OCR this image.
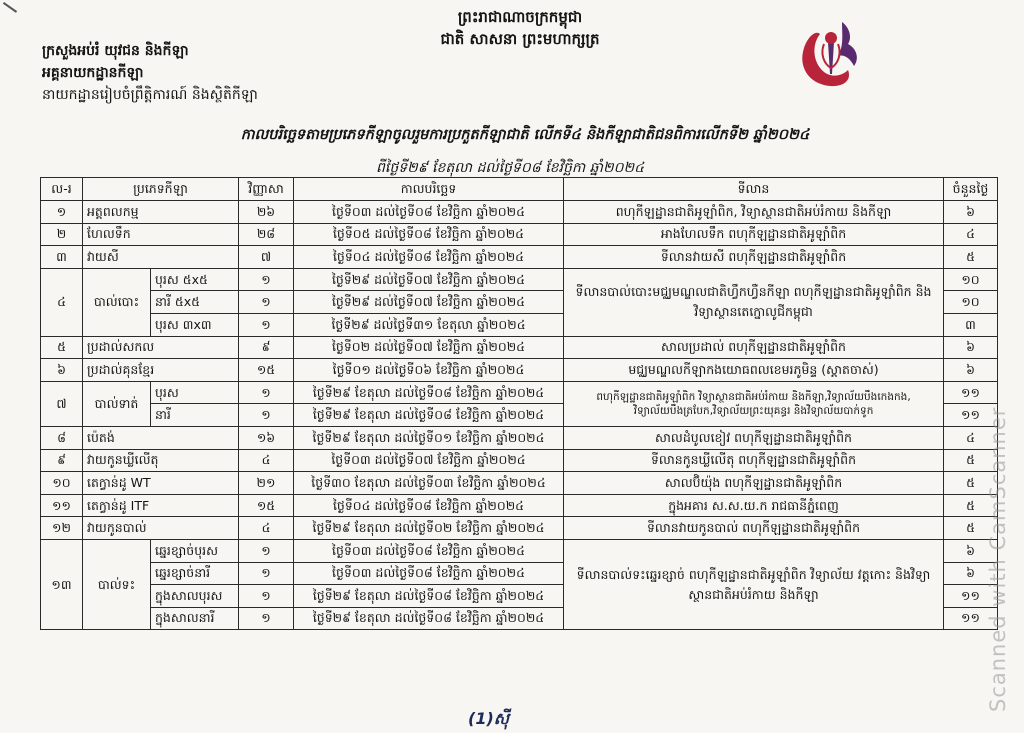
ក្រសួងអប់រំ យុវជន និងកីឡា
អគ្គនាយកដ្ឋានកីឡា
នាយកដ្ឋានរៀបចំព្រឹត្តិការណ៍ និងស្ថិតិកីឡា
ព្រះរាជាណាចក្រកម្ពុជា
ជាតិ សាសនា ព្រះមហាក្សត្រ
កាលបរិច្ឆេទតាមប្រភេទកីឡាចូលរួមការប្រកួតកីឡាជាតិ លើកទី៤ និងកីឡាជាតិជនពិការលើកទី២ ឆ្នាំ២០២៤
ពីថ្ងៃទី២៩ ខែតុលា ដល់ថ្ងៃទី០៨ ខែវិច្ឆិកា ឆ្នាំ២០២៤
ល-រ	ប្រភេទកីឡា		វិញ្ញាសា	កាលបរិច្ឆេទ	ទីលាន	ចំនួនថ្ងៃ
១	អត្តពលកម្ម		២៦	ថ្ងៃទី០៣ ដល់ថ្ងៃទី០៨ ខែវិច្ឆិកា ឆ្នាំ២០២៤	ពហុកីឡដ្ឋានជាតិអូឡាំពិក, វិទ្យាស្ថានជាតិអប់រំកាយ និងកីឡា	៦
២	ហែលទឹក		២៨	ថ្ងៃទី០៥ ដល់ថ្ងៃទី០៨ ខែវិច្ឆិកា ឆ្នាំ២០២៤	អាងហែលទឹក ពហុកីឡដ្ឋានជាតិអូឡាំពិក	៤
៣	វាយសី		៧	ថ្ងៃទី០៤ ដល់ថ្ងៃទី០៨ ខែវិច្ឆិកា ឆ្នាំ២០២៤	ទីលានវាយសី ពហុកីឡដ្ឋានជាតិអូឡាំពិក	៥
៤	បាល់បោះ	បុរស ៥x៥	១	ថ្ងៃទី២៩ ដល់ថ្ងៃទី០៧ ខែវិច្ឆិកា ឆ្នាំ២០២៤	ទីលានបាល់បោះមជ្ឈមណ្ឌលជាតិហ្វឹកហ្វឺនកីឡា ពហុកីឡដ្ឋានជាតិអូឡាំពិក និងវិទ្យាស្ថានតេក្នោលូជីកម្ពុជា	១០
		នារី ៥x៥	១	ថ្ងៃទី២៩ ដល់ថ្ងៃទី០៧ ខែវិច្ឆិកា ឆ្នាំ២០២៤		១០
		បុរស ៣x៣	១	ថ្ងៃទី២៩ ដល់ថ្ងៃទី៣១ ខែតុលា ឆ្នាំ២០២៤		៣
៥	ប្រដាល់សកល		៩	ថ្ងៃទី០២ ដល់ថ្ងៃទី០៧ ខែវិច្ឆិកា ឆ្នាំ២០២៤	សាលប្រដាល់ ពហុកីឡដ្ឋានជាតិអូឡាំពិក	៦
៦	ប្រដាល់គុនខ្មែរ		១៥	ថ្ងៃទី០១ ដល់ថ្ងៃទី០៦ ខែវិច្ឆិកា ឆ្នាំ២០២៤	មជ្ឈមណ្ឌលកីឡាកងយោធពលខេមរភូមិន្ទ (ស្តាតចាស់)	៦
៧	បាល់ទាត់	បុរស	១	ថ្ងៃទី២៩ ខែតុលា ដល់ថ្ងៃទី០៨ ខែវិច្ឆិកា ឆ្នាំ២០២៤	ពហុកីឡដ្ឋានជាតិអូឡាំពិក វិទ្យាស្ថានជាតិអប់រំកាយ និងកីឡា,វិទ្យាល័យបឹងកេងកង, វិទ្យាល័យបឹងត្របែក,វិទ្យាល័យព្រះយុគន្ធរ និងវិទ្យាល័យបាក់ទូក	១១
		នារី	១	ថ្ងៃទី២៩ ខែតុលា ដល់ថ្ងៃទី០៨ ខែវិច្ឆិកា ឆ្នាំ២០២៤		១១
៨	ប៉េតង់		១៦	ថ្ងៃទី២៩ ខែតុលា ដល់ថ្ងៃទី០១ ខែវិច្ឆិកា ឆ្នាំ២០២៤	សាលដំបូលខៀវ ពហុកីឡដ្ឋានជាតិអូឡាំពិក	៤
៩	វាយកូនឃ្លីលើតុ		៤	ថ្ងៃទី០៣ ដល់ថ្ងៃទី០៧ ខែវិច្ឆិកា ឆ្នាំ២០២៤	ទីលានកូនឃ្លីលើតុ ពហុកីឡដ្ឋានជាតិអូឡាំពិក	៥
១០	តេក្វាន់ដូ WT		២១	ថ្ងៃទី៣០ ខែតុលា ដល់ថ្ងៃទី០៣ ខែវិច្ឆិកា ឆ្នាំ២០២៤	សាលប៊ិយ៉ុង ពហុកីឡដ្ឋានជាតិអូឡាំពិក	៥
១១	តេក្វាន់ដូ ITF		១៥	ថ្ងៃទី០៤ ដល់ថ្ងៃទី០៨ ខែវិច្ឆិកា ឆ្នាំ២០២៤	ក្នុងអគារ ស.ស.យ.ក រាជធានីភ្នំពេញ	៥
១២	វាយកូនបាល់		៤	ថ្ងៃទី២៩ ខែតុលា ដល់ថ្ងៃទី០២ ខែវិច្ឆិកា ឆ្នាំ២០២៤	ទីលានវាយកូនបាល់ ពហុកីឡដ្ឋានជាតិអូឡាំពិក	៥
១៣	បាល់ទះ	ឆ្នេរខ្សាច់បុរស	១	ថ្ងៃទី០៣ ដល់ថ្ងៃទី០៨ ខែវិច្ឆិកា ឆ្នាំ២០២៤	ទីលានបាល់ទះឆ្នេរខ្សាច់ ពហុកីឡដ្ឋានជាតិអូឡាំពិក វិទ្យាល័យ វត្តកោះ និងវិទ្យាស្ថានជាតិអប់រំកាយ និងកីឡា	៦
		ឆ្នេរខ្សាច់នារី	១	ថ្ងៃទី០៣ ដល់ថ្ងៃទី០៨ ខែវិច្ឆិកា ឆ្នាំ២០២៤		៦
		ក្នុងសាលបុរស	១	ថ្ងៃទី២៩ ខែតុលា ដល់ថ្ងៃទី០៨ ខែវិច្ឆិកា ឆ្នាំ២០២៤		១១
		ក្នុងសាលនារី	១	ថ្ងៃទី២៩ ខែតុលា ដល់ថ្ងៃទី០៨ ខែវិច្ឆិកា ឆ្នាំ២០២៤		១១ Scanned with CamScanner
(1)ស៊ី
